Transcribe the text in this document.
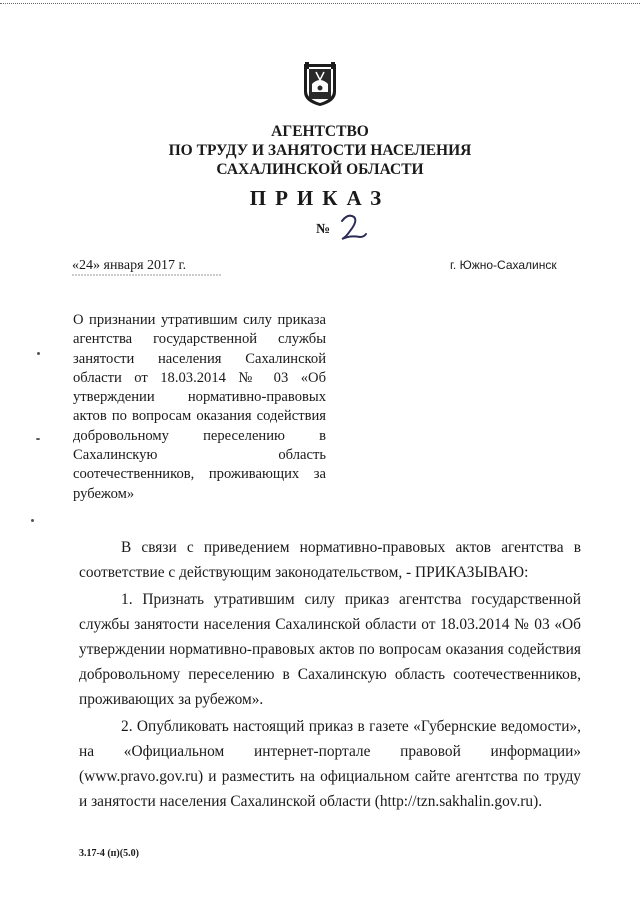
АГЕНТСТВО
ПО ТРУДУ И ЗАНЯТОСТИ НАСЕЛЕНИЯ
САХАЛИНСКОЙ ОБЛАСТИ
ПРИКАЗ
№
«24» января 2017 г.	г. Южно-Сахалинск
О признании утратившим силу приказа агентства государственной службы занятости населения Сахалинской области от 18.03.2014 № 03 «Об утверждении нормативно-правовых актов по вопросам оказания содействия добровольному переселению в Сахалинскую область соотечественников, проживающих за рубежом»
В связи с приведением нормативно-правовых актов агентства в соответствие с действующим законодательством, - ПРИКАЗЫВАЮ:
1. Признать утратившим силу приказ агентства государственной службы занятости населения Сахалинской области от 18.03.2014 № 03 «Об утверждении нормативно-правовых актов по вопросам оказания содействия добровольному переселению в Сахалинскую область соотечественников, проживающих за рубежом».
2. Опубликовать настоящий приказ в газете «Губернские ведомости», на «Официальном интернет-портале правовой информации» (www.pravo.gov.ru) и разместить на официальном сайте агентства по труду и занятости населения Сахалинской области (http://tzn.sakhalin.gov.ru).
3.17-4 (п)(5.0)
